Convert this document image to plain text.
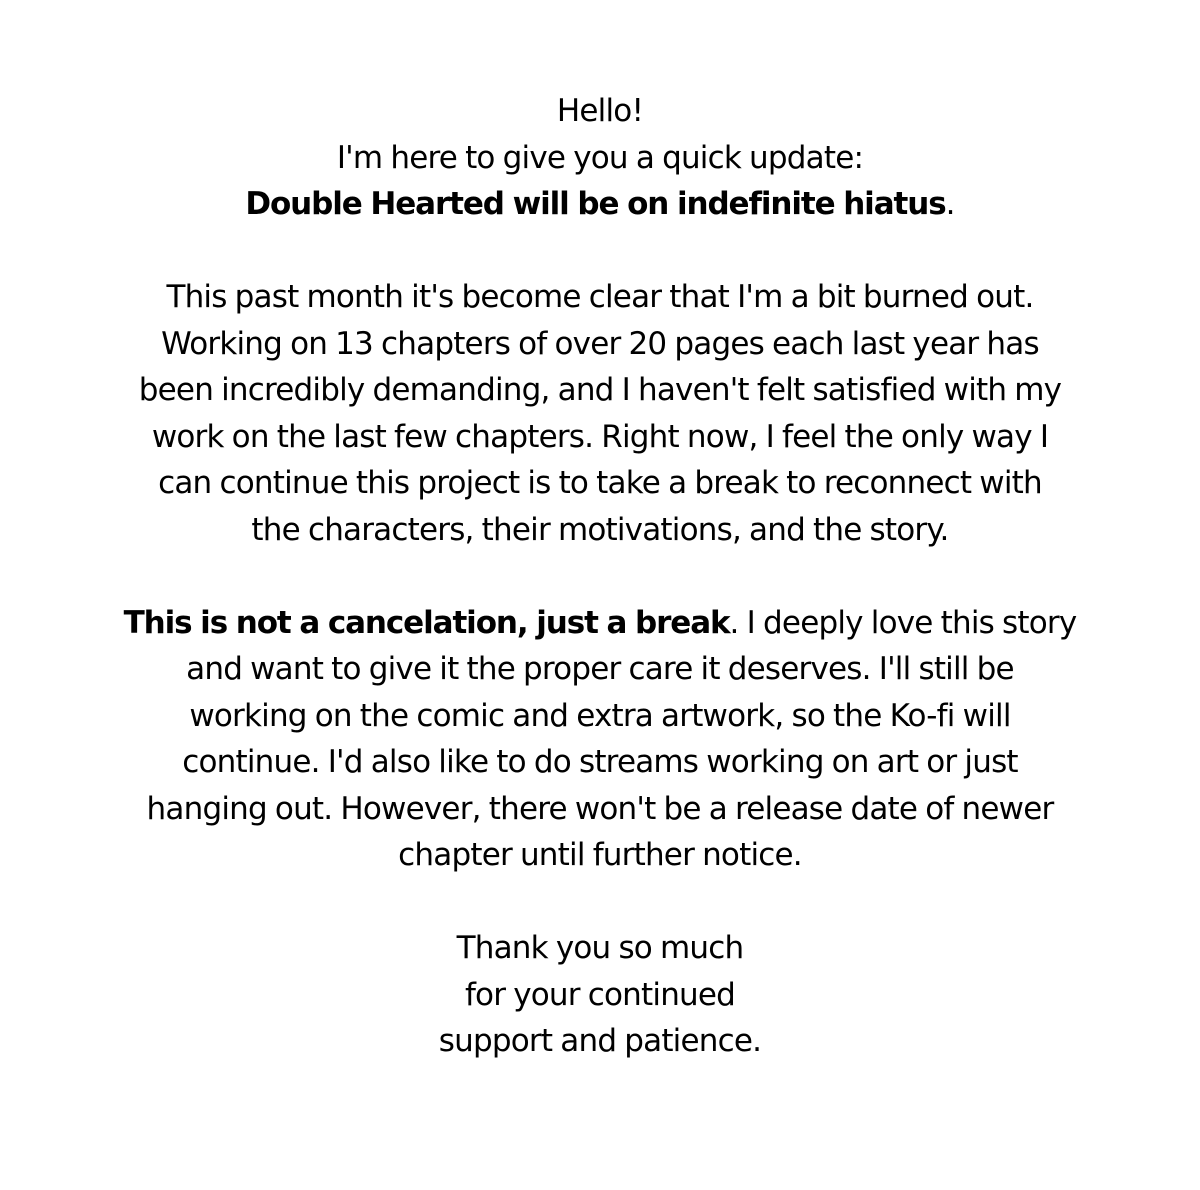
Hello!
I'm here to give you a quick update:
Double Hearted will be on indefinite hiatus.
This past month it's become clear that I'm a bit burned out.
Working on 13 chapters of over 20 pages each last year has
been incredibly demanding, and I haven't felt satisfied with my
work on the last few chapters. Right now, I feel the only way I
can continue this project is to take a break to reconnect with
the characters, their motivations, and the story.
This is not a cancelation, just a break. I deeply love this story
and want to give it the proper care it deserves. I'll still be
working on the comic and extra artwork, so the Ko-fi will
continue. I'd also like to do streams working on art or just
hanging out. However, there won't be a release date of newer
chapter until further notice.
Thank you so much
for your continued
support and patience.
